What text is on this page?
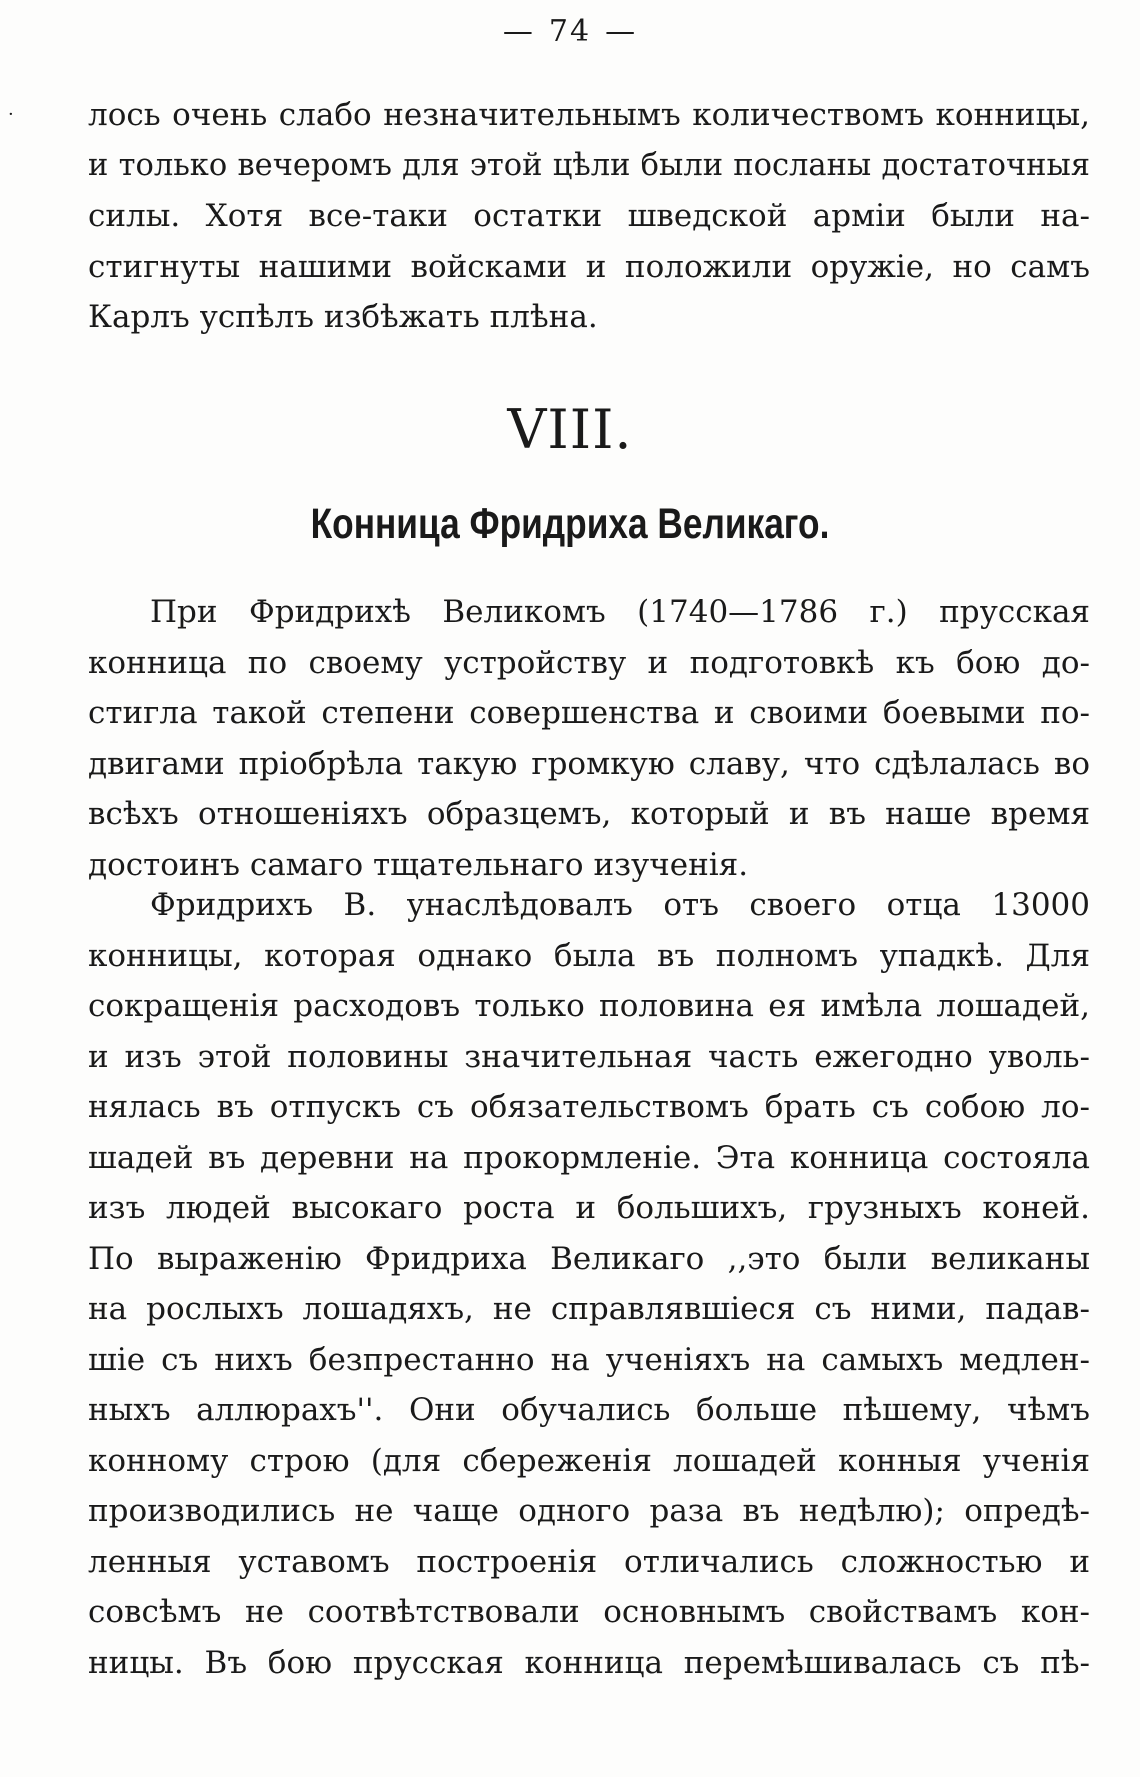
·
— 74 —
лось очень слабо незначительнымъ количествомъ конницы,
и только вечеромъ для этой цѣли были посланы достаточныя
силы. Хотя все-таки остатки шведской арміи были на-
стигнуты нашими войсками и положили оружіе, но самъ
Карлъ успѣлъ избѣжать плѣна.
VIII.
Конница Фридриха Великаго.
При Фридрихѣ Великомъ (1740—1786 г.) прусская
конница по своему устройству и подготовкѣ къ бою до-
стигла такой степени совершенства и своими боевыми по-
двигами пріобрѣла такую громкую славу, что сдѣлалась во
всѣхъ отношеніяхъ образцемъ, который и въ наше время
достоинъ самаго тщательнаго изученія.
Фридрихъ В. унаслѣдовалъ отъ своего отца 13000
конницы, которая однако была въ полномъ упадкѣ. Для
сокращенія расходовъ только половина ея имѣла лошадей,
и изъ этой половины значительная часть ежегодно уволь-
нялась въ отпускъ съ обязательствомъ брать съ собою ло-
шадей въ деревни на прокормленіе. Эта конница состояла
изъ людей высокаго роста и большихъ, грузныхъ коней.
По выраженію Фридриха Великаго ,,это были великаны
на рослыхъ лошадяхъ, не справлявшіеся съ ними, падав-
шіе съ нихъ безпрестанно на ученіяхъ на самыхъ медлен-
ныхъ аллюрахъ''. Они обучались больше пѣшему, чѣмъ
конному строю (для сбереженія лошадей конныя ученія
производились не чаще одного раза въ недѣлю); опредѣ-
ленныя уставомъ построенія отличались сложностью и
совсѣмъ не соотвѣтствовали основнымъ свойствамъ кон-
ницы. Въ бою прусская конница перемѣшивалась съ пѣ-
